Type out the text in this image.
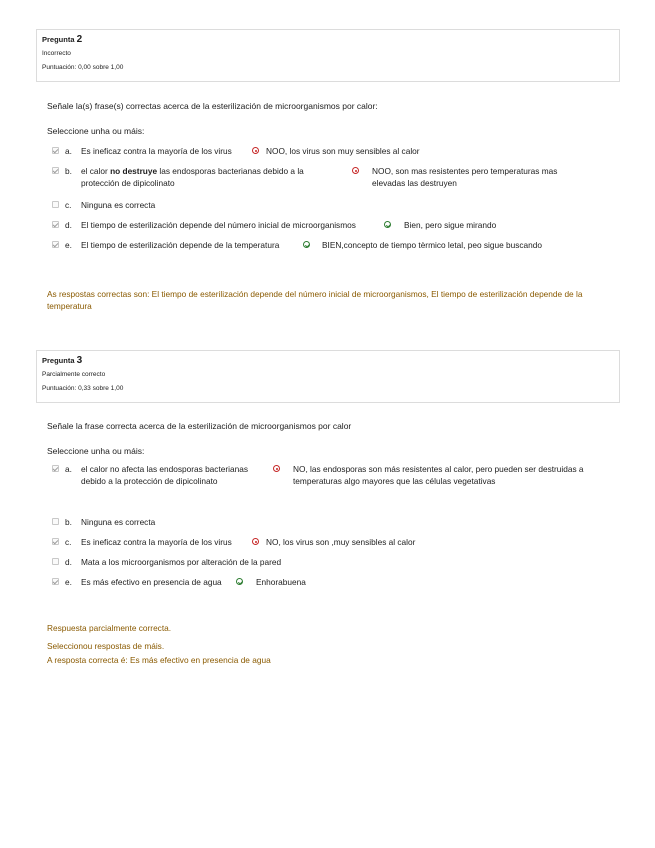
Pregunta 2
Incorrecto
Puntuación: 0,00 sobre 1,00
Señale la(s) frase(s) correctas acerca de la esterilización de microorganismos por calor:
Seleccione unha ou máis:
a. Es ineficaz contra la mayoría de los virus	NOO, los virus son muy sensibles al calor
b. el calor no destruye las endosporas bacterianas debido a la protección de dipicolinato
NOO, son mas resistentes pero temperaturas mas elevadas las destruyen
c. Ninguna es correcta
d. El tiempo de esterilización depende del número inicial de microorganismos	Bien, pero sigue mirando
e. El tiempo de esterilización depende de la temperatura	BIEN,concepto de tiempo tèrmico letal, peo sigue buscando
As respostas correctas son: El tiempo de esterilización depende del número inicial de microorganismos, El tiempo de esterilización depende de la temperatura
Pregunta 3
Parcialmente correcto
Puntuación: 0,33 sobre 1,00
Señale la frase correcta acerca de la esterilización de microorganismos por calor
Seleccione unha ou máis:
a. el calor no afecta las endosporas bacterianas debido a la protección de dipicolinato
NO, las endosporas son más resistentes al calor, pero pueden ser destruidas a temperaturas algo mayores que las células vegetativas
b. Ninguna es correcta
c. Es ineficaz contra la mayoría de los virus	NO, los virus son ,muy sensibles al calor
d. Mata a los microorganismos por alteración de la pared
e. Es más efectivo en presencia de agua	Enhorabuena
Respuesta parcialmente correcta.
Seleccionou respostas de máis.
A resposta correcta é: Es más efectivo en presencia de agua
